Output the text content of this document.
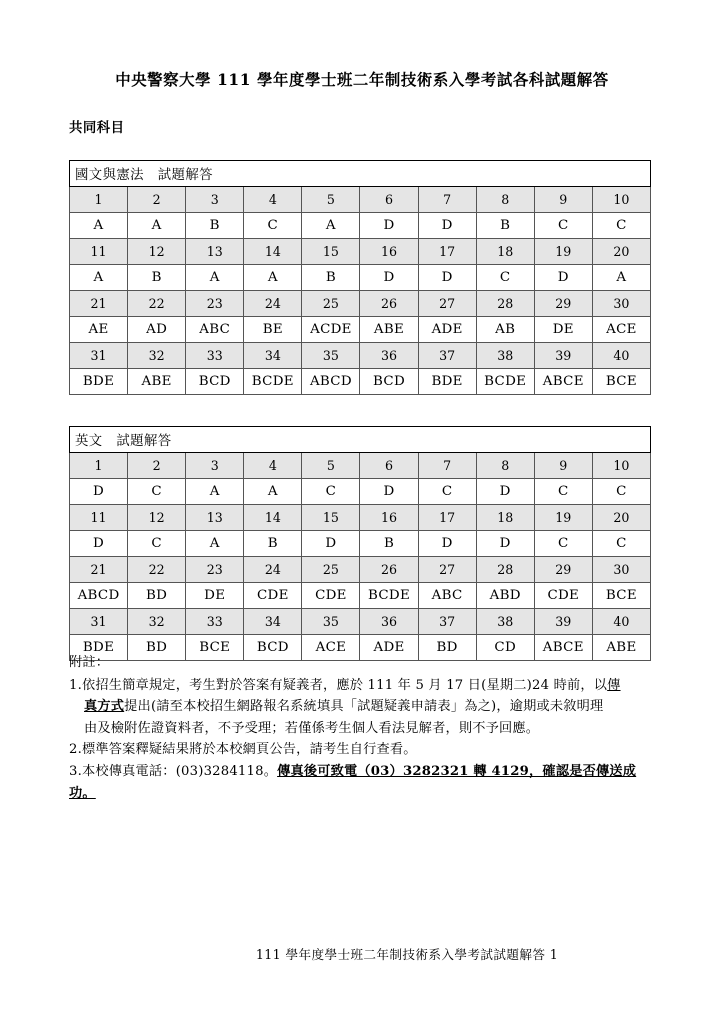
中央警察大學 111 學年度學士班二年制技術系入學考試各科試題解答
共同科目
國文與憲法　試題解答									
1	2	3	4	5	6	7	8	9	10
A	A	B	C	A	D	D	B	C	C
11	12	13	14	15	16	17	18	19	20
A	B	A	A	B	D	D	C	D	A
21	22	23	24	25	26	27	28	29	30
AE	AD	ABC	BE	ACDE	ABE	ADE	AB	DE	ACE
31	32	33	34	35	36	37	38	39	40
BDE	ABE	BCD	BCDE	ABCD	BCD	BDE	BCDE	ABCE	BCE
英文　試題解答									
1	2	3	4	5	6	7	8	9	10
D	C	A	A	C	D	C	D	C	C
11	12	13	14	15	16	17	18	19	20
D	C	A	B	D	B	D	D	C	C
21	22	23	24	25	26	27	28	29	30
ABCD	BD	DE	CDE	CDE	BCDE	ABC	ABD	CDE	BCE
31	32	33	34	35	36	37	38	39	40
BDE	BD	BCE	BCD	ACE	ADE	BD	CD	ABCE	ABE
附註：
1.依招生簡章規定，考生對於答案有疑義者，應於 111 年 5 月 17 日(星期二)24 時前，以傳
真方式提出(請至本校招生網路報名系統填具「試題疑義申請表」為之)，逾期或未敘明理
由及檢附佐證資料者，不予受理；若僅係考生個人看法見解者，則不予回應。
2.標準答案釋疑結果將於本校網頁公告，請考生自行查看。
3.本校傳真電話：(03)3284118。傳真後可致電（03）3282321 轉 4129，確認是否傳送成功。
111 學年度學士班二年制技術系入學考試試題解答 1
